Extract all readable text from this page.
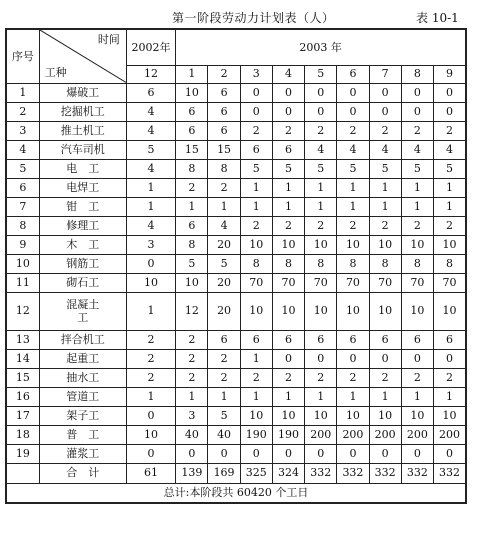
第一阶段劳动力计划表（人）	表 10-1
序号	时间
工种	2002年	2003 年								
		12	1	2	3	4	5	6	7	8	9
1	爆破工	6	10	6	0	0	0	0	0	0	0
2	挖掘机工	4	6	6	0	0	0	0	0	0	0
3	推土机工	4	6	6	2	2	2	2	2	2	2
4	汽车司机	5	15	15	6	6	4	4	4	4	4
5	电　工	4	8	8	5	5	5	5	5	5	5
6	电焊工	1	2	2	1	1	1	1	1	1	1
7	钳　工	1	1	1	1	1	1	1	1	1	1
8	修理工	4	6	4	2	2	2	2	2	2	2
9	木　工	3	8	20	10	10	10	10	10	10	10
10	钢筋工	0	5	5	8	8	8	8	8	8	8
11	砌石工	10	10	20	70	70	70	70	70	70	70
12	混凝土工	1	12	20	10	10	10	10	10	10	10
13	拌合机工	2	2	6	6	6	6	6	6	6	6
14	起重工	2	2	2	1	0	0	0	0	0	0
15	抽水工	2	2	2	2	2	2	2	2	2	2
16	管道工	1	1	1	1	1	1	1	1	1	1
17	架子工	0	3	5	10	10	10	10	10	10	10
18	普　工	10	40	40	190	190	200	200	200	200	200
19	灌浆工	0	0	0	0	0	0	0	0	0	0
	合　计	61	139	169	325	324	332	332	332	332	332
总计:本阶段共 60420 个工日											
